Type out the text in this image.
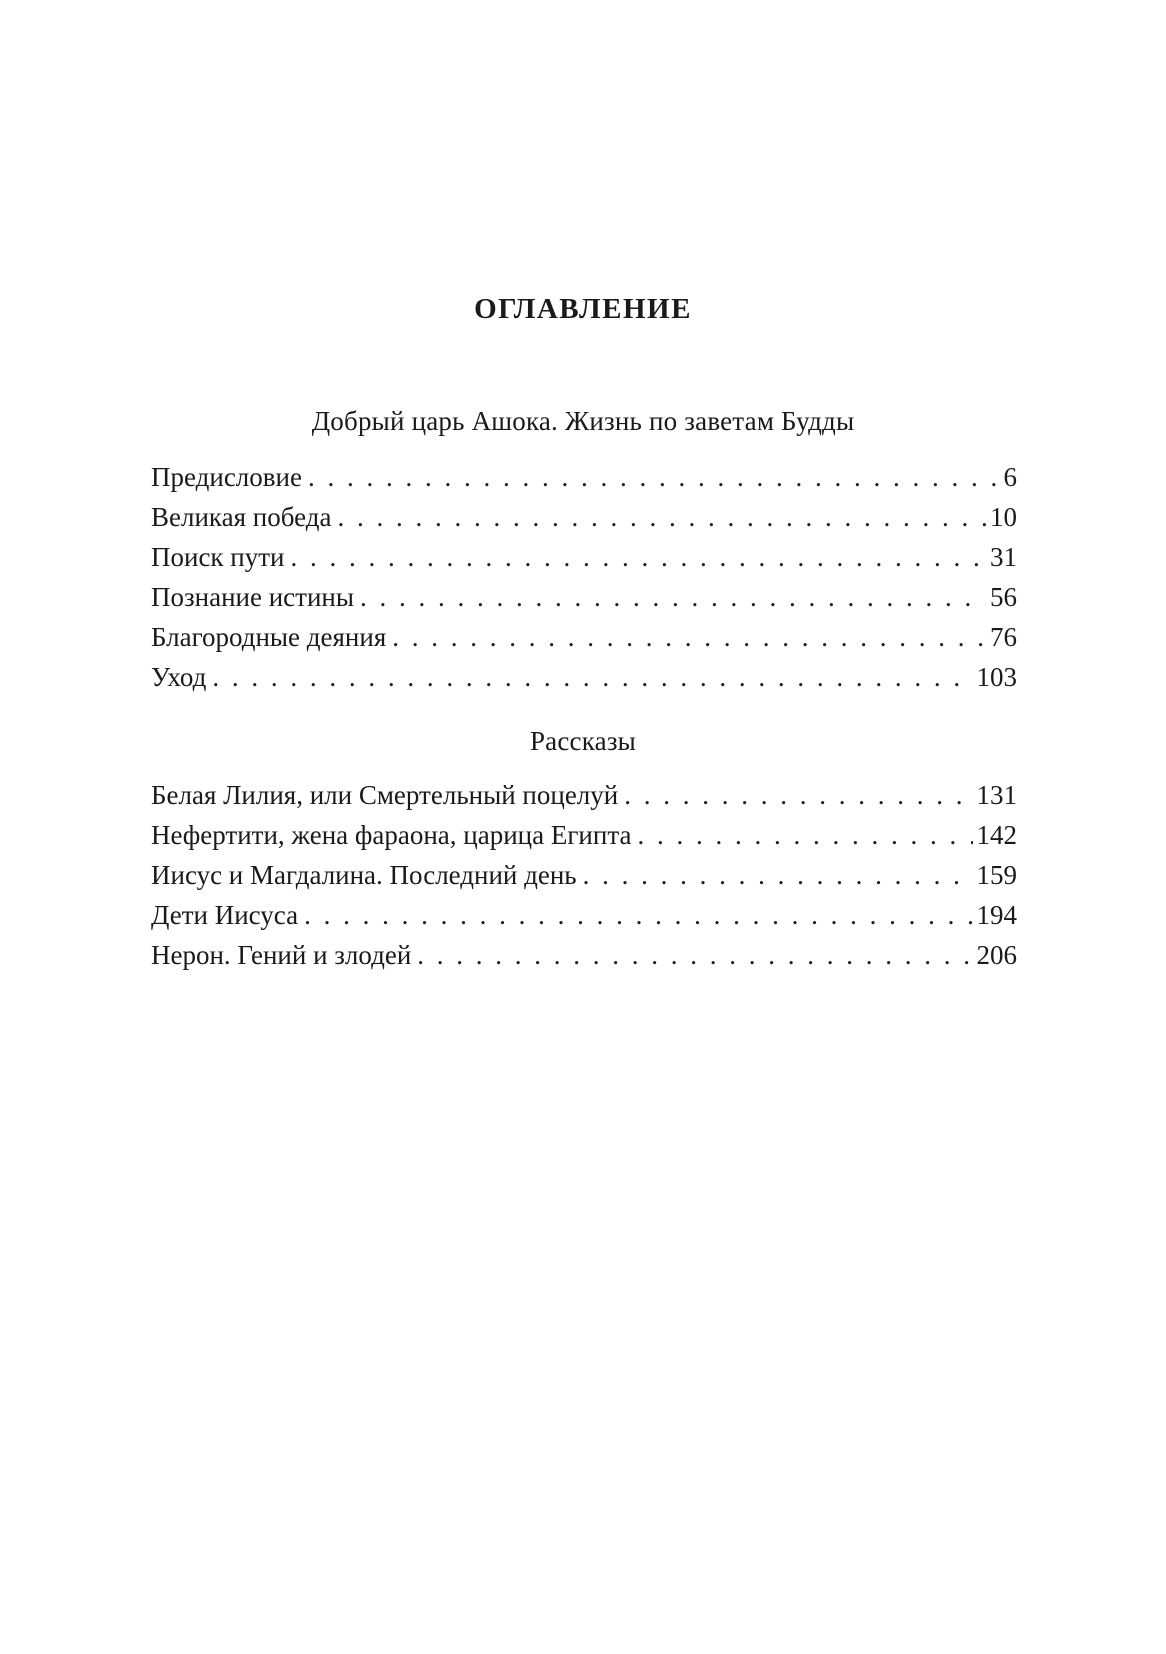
ОГЛАВЛЕНИЕ
Добрый царь Ашока. Жизнь по заветам Будды
Предисловие . . .	6
Великая победа . . .	10
Поиск пути . . .	31
Познание истины . . .	56
Благородные деяния . . .	76
Уход . . .	103
Рассказы
Белая Лилия, или Смертельный поцелуй . . .	131
Нефертити, жена фараона, царица Египта . . .	142
Иисус и Магдалина. Последний день . . .	159
Дети Иисуса . . .	194
Нерон. Гений и злодей . . .	206
